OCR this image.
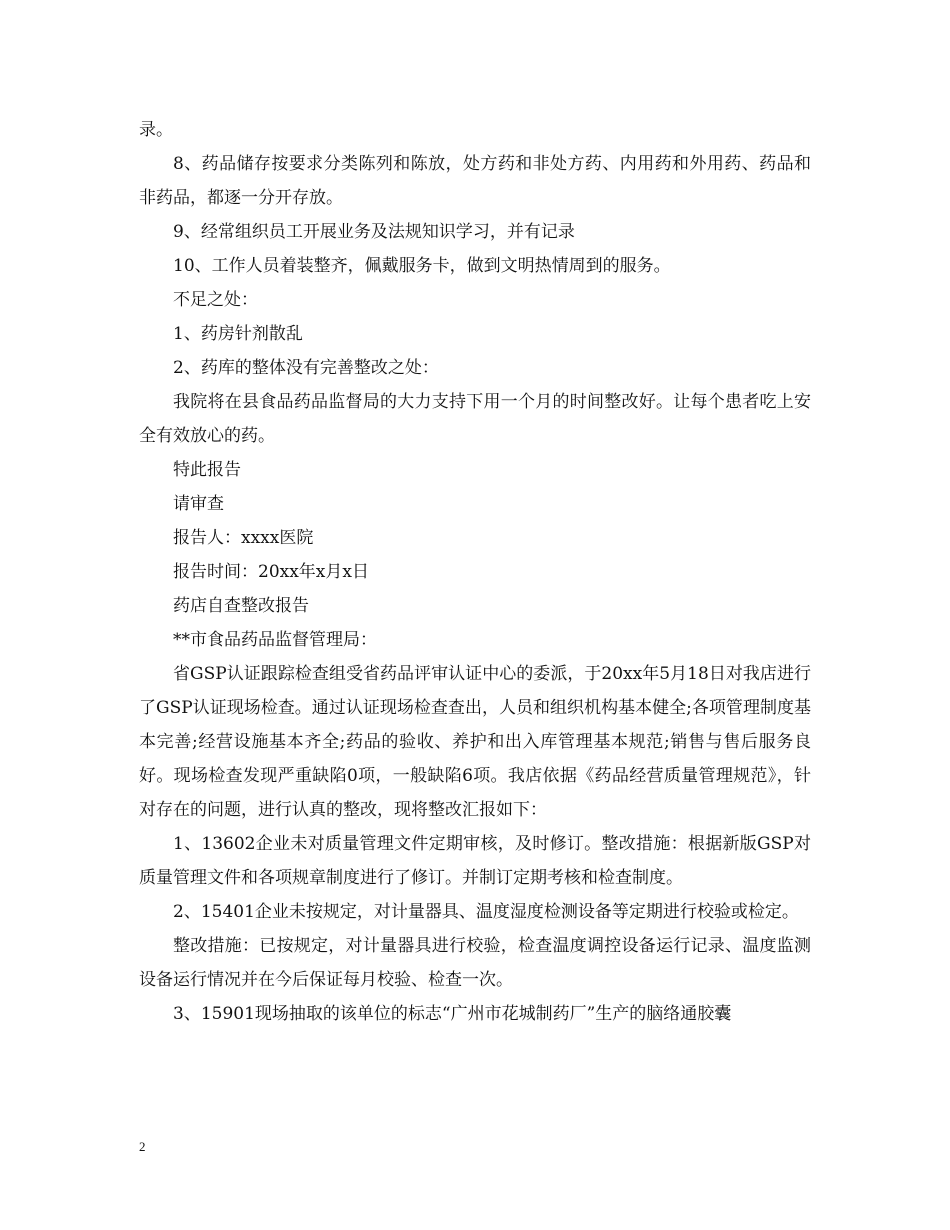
录。

8、药品储存按要求分类陈列和陈放，处方药和非处方药、内用药和外用药、药品和非药品，都逐一分开存放。

9、经常组织员工开展业务及法规知识学习，并有记录

10、工作人员着装整齐，佩戴服务卡，做到文明热情周到的服务。

不足之处：

1、药房针剂散乱

2、药库的整体没有完善整改之处：

我院将在县食品药品监督局的大力支持下用一个月的时间整改好。让每个患者吃上安全有效放心的药。

特此报告

请审查

报告人：xxxx医院

报告时间：20xx年x月x日

药店自查整改报告

**市食品药品监督管理局：

省GSP认证跟踪检查组受省药品评审认证中心的委派，于20xx年5月18日对我店进行了GSP认证现场检查。通过认证现场检查查出，人员和组织机构基本健全;各项管理制度基本完善;经营设施基本齐全;药品的验收、养护和出入库管理基本规范;销售与售后服务良好。现场检查发现严重缺陷0项，一般缺陷6项。我店依据《药品经营质量管理规范》，针对存在的问题，进行认真的整改，现将整改汇报如下：

1、13602企业未对质量管理文件定期审核，及时修订。整改措施：根据新版GSP对质量管理文件和各项规章制度进行了修订。并制订定期考核和检查制度。

2、15401企业未按规定，对计量器具、温度湿度检测设备等定期进行校验或检定。

整改措施：已按规定，对计量器具进行校验，检查温度调控设备运行记录、温度监测设备运行情况并在今后保证每月校验、检查一次。

3、15901现场抽取的该单位的标志“广州市花城制药厂”生产的脑络通胶囊

2
